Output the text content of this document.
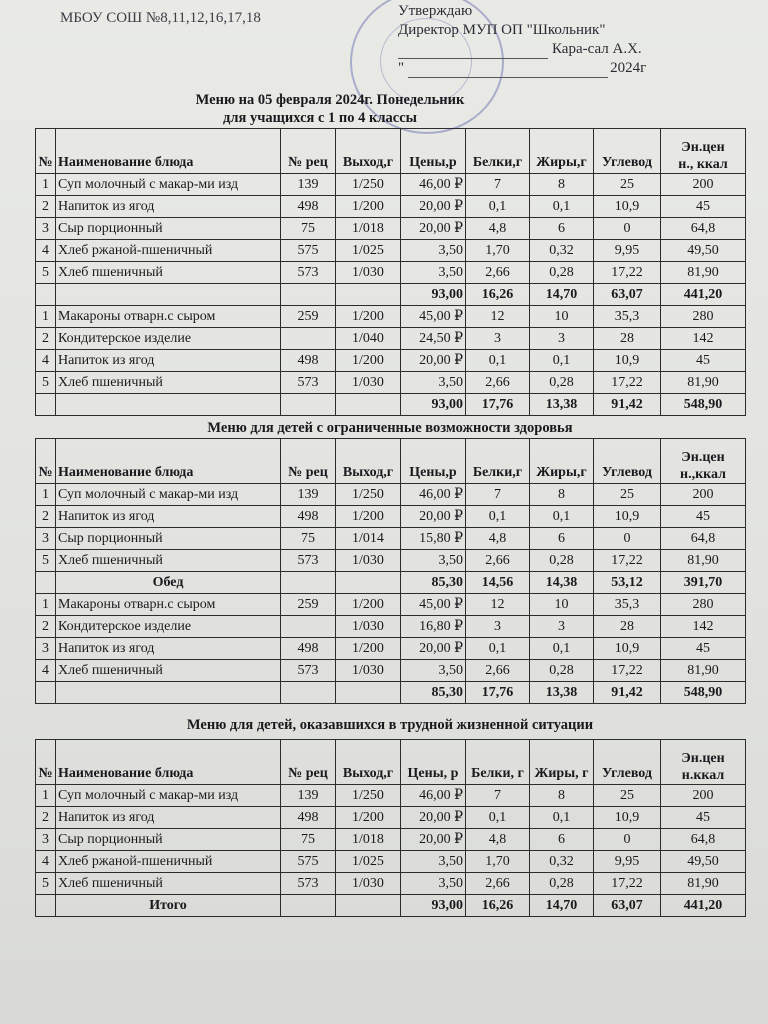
МБОУ СОШ №8,11,12,16,17,18	Утверждаю
Директор МУП ОП "Школьник"
Кара-сал А.Х.
"	2024г
Меню на 05 февраля 2024г. Понедельник
для учащихся с 1 по 4 классы
№	Наименование блюда	№ рец	Выход,г	Цены,р	Белки,г	Жиры,г	Углевод	Эн.цен
н., ккал

1	Суп молочный с макар-ми изд	139	1/250	46,00 ₽	7	8	25	200
2	Напиток из ягод	498	1/200	20,00 ₽	0,1	0,1	10,9	45
3	Сыр порционный	75	1/018	20,00 ₽	4,8	6	0	64,8
4	Хлеб ржаной-пшеничный	575	1/025	3,50	1,70	0,32	9,95	49,50
5	Хлеб пшеничный	573	1/030	3,50	2,66	0,28	17,22	81,90
				93,00	16,26	14,70	63,07	441,20
1	Макароны отварн.с сыром	259	1/200	45,00 ₽	12	10	35,3	280
2	Кондитерское изделие		1/040	24,50 ₽	3	3	28	142
4	Напиток из ягод	498	1/200	20,00 ₽	0,1	0,1	10,9	45
5	Хлеб пшеничный	573	1/030	3,50	2,66	0,28	17,22	81,90
				93,00	17,76	13,38	91,42	548,90
Меню для детей с ограниченные возможности здоровья
№	Наименование блюда	№ рец	Выход,г	Цены,р	Белки,г	Жиры,г	Углевод	Эн.цен
н.,ккал

1	Суп молочный с макар-ми изд	139	1/250	46,00 ₽	7	8	25	200
2	Напиток из ягод	498	1/200	20,00 ₽	0,1	0,1	10,9	45
3	Сыр порционный	75	1/014	15,80 ₽	4,8	6	0	64,8
5	Хлеб пшеничный	573	1/030	3,50	2,66	0,28	17,22	81,90
	Обед			85,30	14,56	14,38	53,12	391,70
1	Макароны отварн.с сыром	259	1/200	45,00 ₽	12	10	35,3	280
2	Кондитерское изделие		1/030	16,80 ₽	3	3	28	142
3	Напиток из ягод	498	1/200	20,00 ₽	0,1	0,1	10,9	45
4	Хлеб пшеничный	573	1/030	3,50	2,66	0,28	17,22	81,90
				85,30	17,76	13,38	91,42	548,90
Меню для детей, оказавшихся в трудной жизненной ситуации
№	Наименование блюда	№ рец	Выход,г	Цены, р	Белки, г	Жиры, г	Углевод	Эн.цен
н.ккал

1	Суп молочный с макар-ми изд	139	1/250	46,00 ₽	7	8	25	200
2	Напиток из ягод	498	1/200	20,00 ₽	0,1	0,1	10,9	45
3	Сыр порционный	75	1/018	20,00 ₽	4,8	6	0	64,8
4	Хлеб ржаной-пшеничный	575	1/025	3,50	1,70	0,32	9,95	49,50
5	Хлеб пшеничный	573	1/030	3,50	2,66	0,28	17,22	81,90
	Итого			93,00	16,26	14,70	63,07	441,20
